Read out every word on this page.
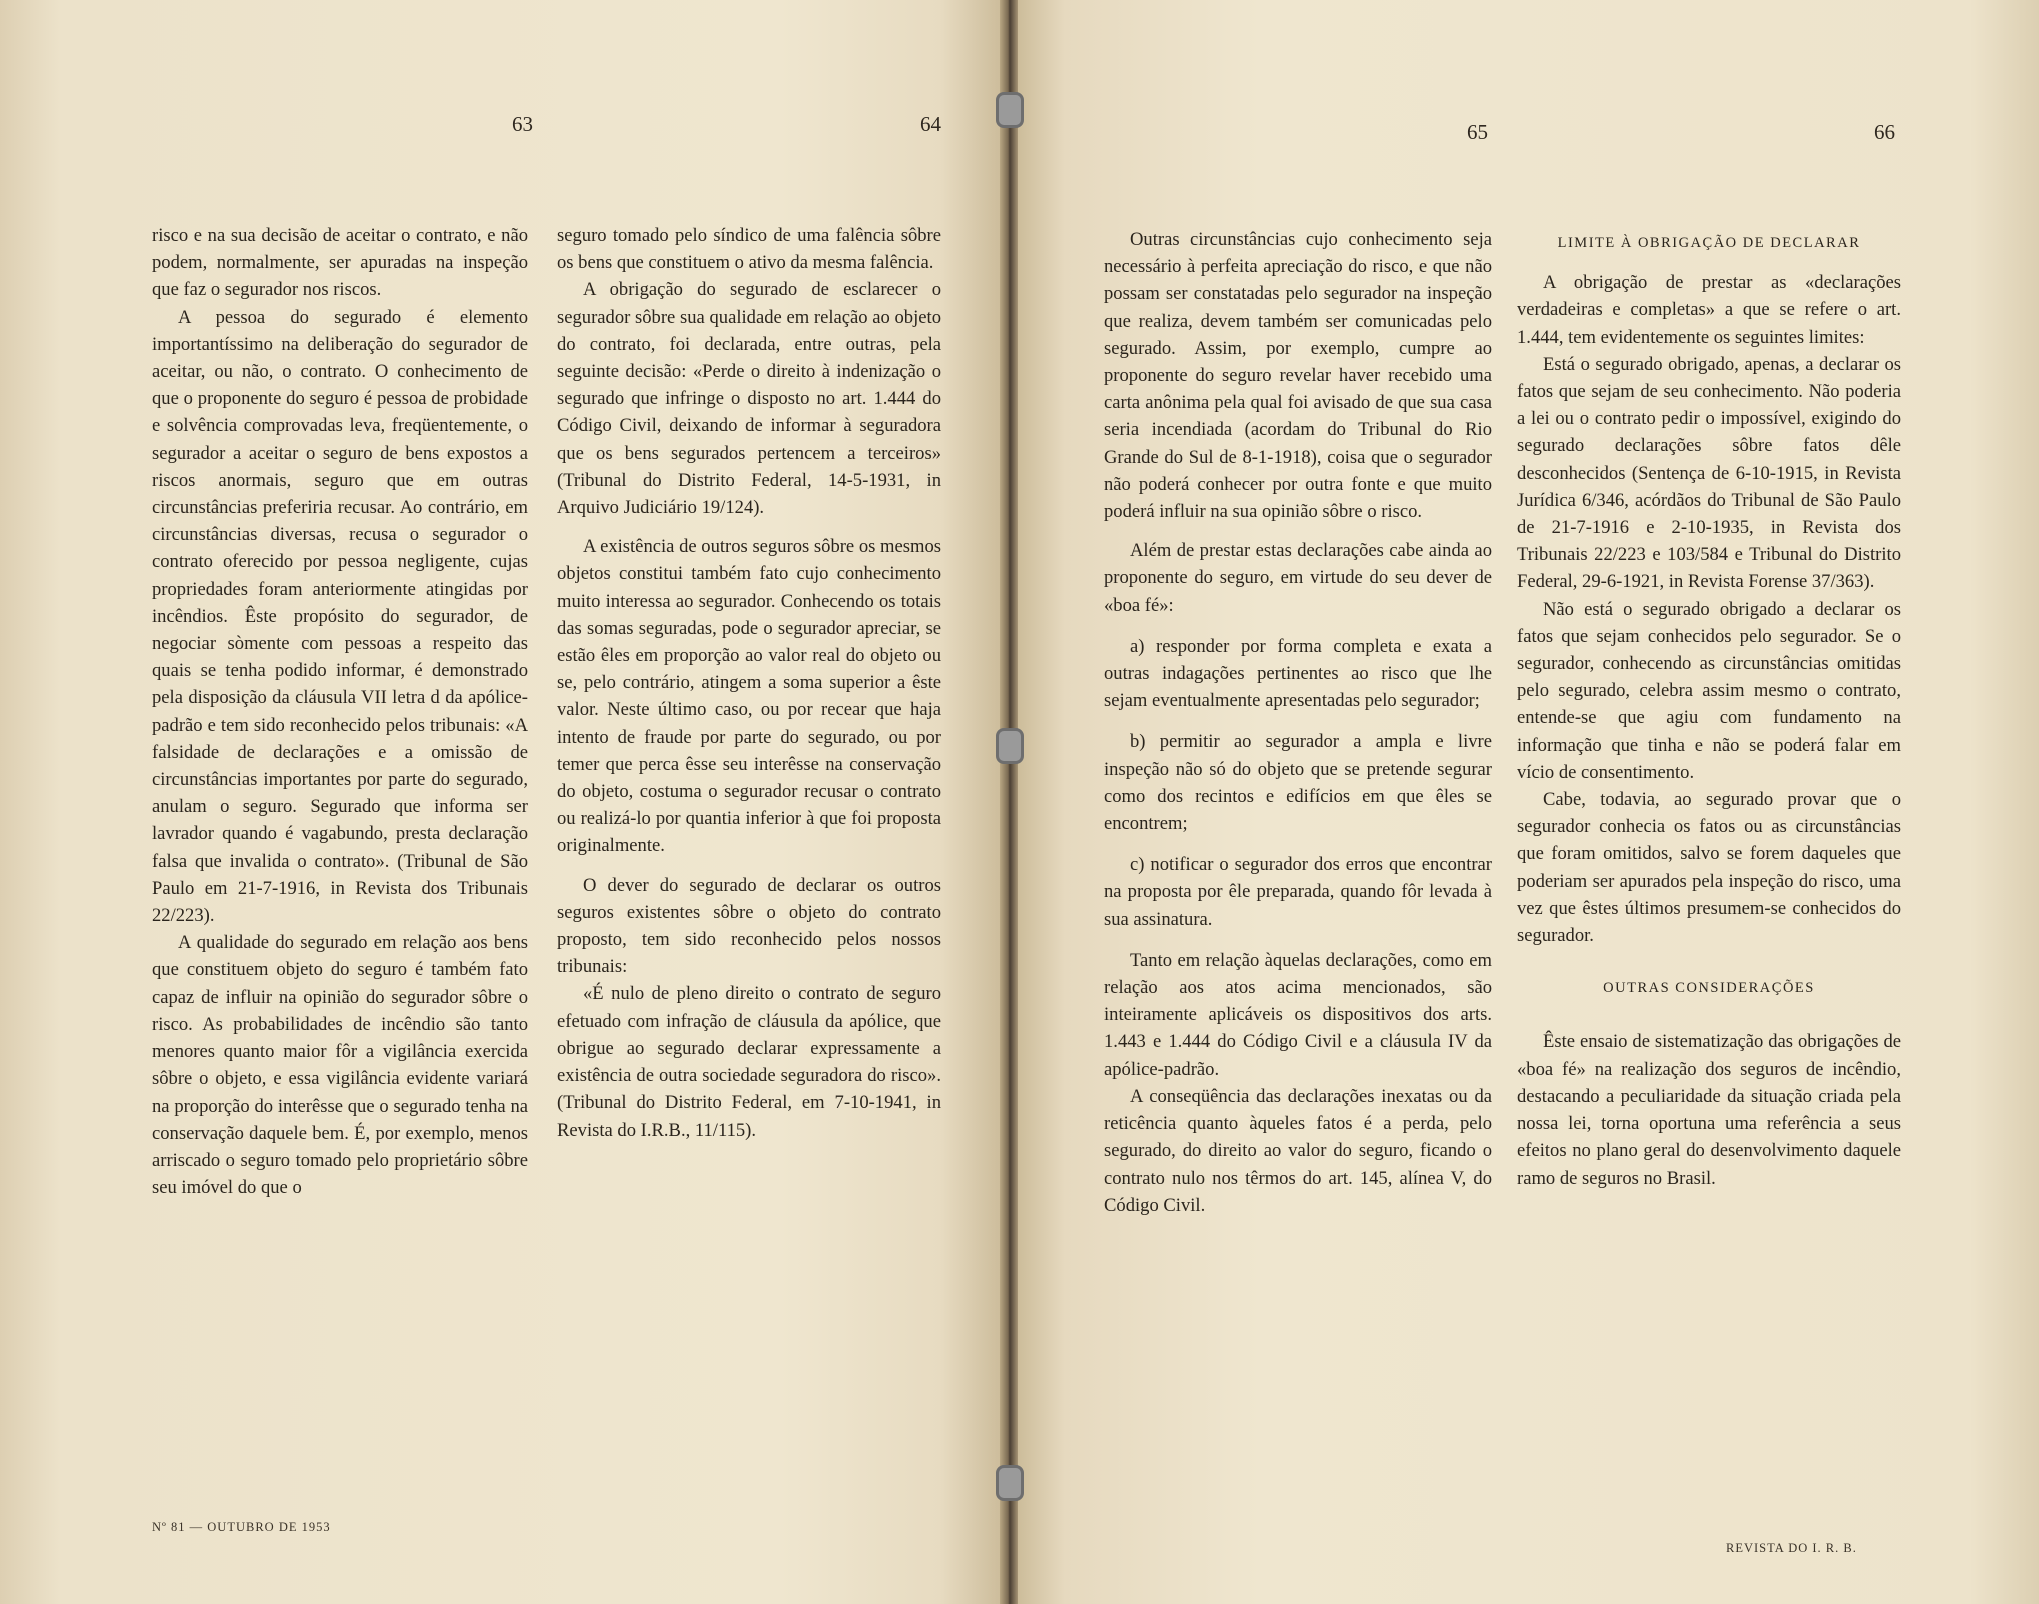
63	64	65	66

risco e na sua decisão de aceitar o contrato, e não podem, normalmente, ser apuradas na inspeção que faz o segurador nos riscos.

A pessoa do segurado é elemento importantíssimo na deliberação do segurador de aceitar, ou não, o contrato. O conhecimento de que o proponente do seguro é pessoa de probidade e solvência comprovadas leva, freqüentemente, o segurador a aceitar o seguro de bens expostos a riscos anormais, seguro que em outras circunstâncias preferiria recusar. Ao contrário, em circunstâncias diversas, recusa o segurador o contrato oferecido por pessoa negligente, cujas propriedades foram anteriormente atingidas por incêndios. Êste propósito do segurador, de negociar sòmente com pessoas a respeito das quais se tenha podido informar, é demonstrado pela disposição da cláusula VII letra d da apólice-padrão e tem sido reconhecido pelos tribunais: «A falsidade de declarações e a omissão de circunstâncias importantes por parte do segurado, anulam o seguro. Segurado que informa ser lavrador quando é vagabundo, presta declaração falsa que invalida o contrato». (Tribunal de São Paulo em 21-7-1916, in Revista dos Tribunais 22/223).

A qualidade do segurado em relação aos bens que constituem objeto do seguro é também fato capaz de influir na opinião do segurador sôbre o risco. As probabilidades de incêndio são tanto menores quanto maior fôr a vigilância exercida sôbre o objeto, e essa vigilância evidente variará na proporção do interêsse que o segurado tenha na conservação daquele bem. É, por exemplo, menos arriscado o seguro tomado pelo proprietário sôbre seu imóvel do que o

seguro tomado pelo síndico de uma falência sôbre os bens que constituem o ativo da mesma falência.

A obrigação do segurado de esclarecer o segurador sôbre sua qualidade em relação ao objeto do contrato, foi declarada, entre outras, pela seguinte decisão: «Perde o direito à indenização o segurado que infringe o disposto no art. 1.444 do Código Civil, deixando de informar à seguradora que os bens segurados pertencem a terceiros» (Tribunal do Distrito Federal, 14-5-1931, in Arquivo Judiciário 19/124).

A existência de outros seguros sôbre os mesmos objetos constitui também fato cujo conhecimento muito interessa ao segurador. Conhecendo os totais das somas seguradas, pode o segurador apreciar, se estão êles em proporção ao valor real do objeto ou se, pelo contrário, atingem a soma superior a êste valor. Neste último caso, ou por recear que haja intento de fraude por parte do segurado, ou por temer que perca êsse seu interêsse na conservação do objeto, costuma o segurador recusar o contrato ou realizá-lo por quantia inferior à que foi proposta originalmente.

O dever do segurado de declarar os outros seguros existentes sôbre o objeto do contrato proposto, tem sido reconhecido pelos nossos tribunais:

«É nulo de pleno direito o contrato de seguro efetuado com infração de cláusula da apólice, que obrigue ao segurado declarar expressamente a existência de outra sociedade seguradora do risco». (Tribunal do Distrito Federal, em 7-10-1941, in Revista do I.R.B., 11/115).

Outras circunstâncias cujo conhecimento seja necessário à perfeita apreciação do risco, e que não possam ser constatadas pelo segurador na inspeção que realiza, devem também ser comunicadas pelo segurado. Assim, por exemplo, cumpre ao proponente do seguro revelar haver recebido uma carta anônima pela qual foi avisado de que sua casa seria incendiada (acordam do Tribunal do Rio Grande do Sul de 8-1-1918), coisa que o segurador não poderá conhecer por outra fonte e que muito poderá influir na sua opinião sôbre o risco.

Além de prestar estas declarações cabe ainda ao proponente do seguro, em virtude do seu dever de «boa fé»:

a) responder por forma completa e exata a outras indagações pertinentes ao risco que lhe sejam eventualmente apresentadas pelo segurador;

b) permitir ao segurador a ampla e livre inspeção não só do objeto que se pretende segurar como dos recintos e edifícios em que êles se encontrem;

c) notificar o segurador dos erros que encontrar na proposta por êle preparada, quando fôr levada à sua assinatura.

Tanto em relação àquelas declarações, como em relação aos atos acima mencionados, são inteiramente aplicáveis os dispositivos dos arts. 1.443 e 1.444 do Código Civil e a cláusula IV da apólice-padrão.

A conseqüência das declarações inexatas ou da reticência quanto àqueles fatos é a perda, pelo segurado, do direito ao valor do seguro, ficando o contrato nulo nos têrmos do art. 145, alínea V, do Código Civil.

LIMITE À OBRIGAÇÃO DE DECLARAR

A obrigação de prestar as «declarações verdadeiras e completas» a que se refere o art. 1.444, tem evidentemente os seguintes limites:

Está o segurado obrigado, apenas, a declarar os fatos que sejam de seu conhecimento. Não poderia a lei ou o contrato pedir o impossível, exigindo do segurado declarações sôbre fatos dêle desconhecidos (Sentença de 6-10-1915, in Revista Jurídica 6/346, acórdãos do Tribunal de São Paulo de 21-7-1916 e 2-10-1935, in Revista dos Tribunais 22/223 e 103/584 e Tribunal do Distrito Federal, 29-6-1921, in Revista Forense 37/363).

Não está o segurado obrigado a declarar os fatos que sejam conhecidos pelo segurador. Se o segurador, conhecendo as circunstâncias omitidas pelo segurado, celebra assim mesmo o contrato, entende-se que agiu com fundamento na informação que tinha e não se poderá falar em vício de consentimento.

Cabe, todavia, ao segurado provar que o segurador conhecia os fatos ou as circunstâncias que foram omitidos, salvo se forem daqueles que poderiam ser apurados pela inspeção do risco, uma vez que êstes últimos presumem-se conhecidos do segurador.

OUTRAS CONSIDERAÇÕES

Êste ensaio de sistematização das obrigações de «boa fé» na realização dos seguros de incêndio, destacando a peculiaridade da situação criada pela nossa lei, torna oportuna uma referência a seus efeitos no plano geral do desenvolvimento daquele ramo de seguros no Brasil.

Nº 81 — OUTUBRO DE 1953
REVISTA DO I. R. B.
